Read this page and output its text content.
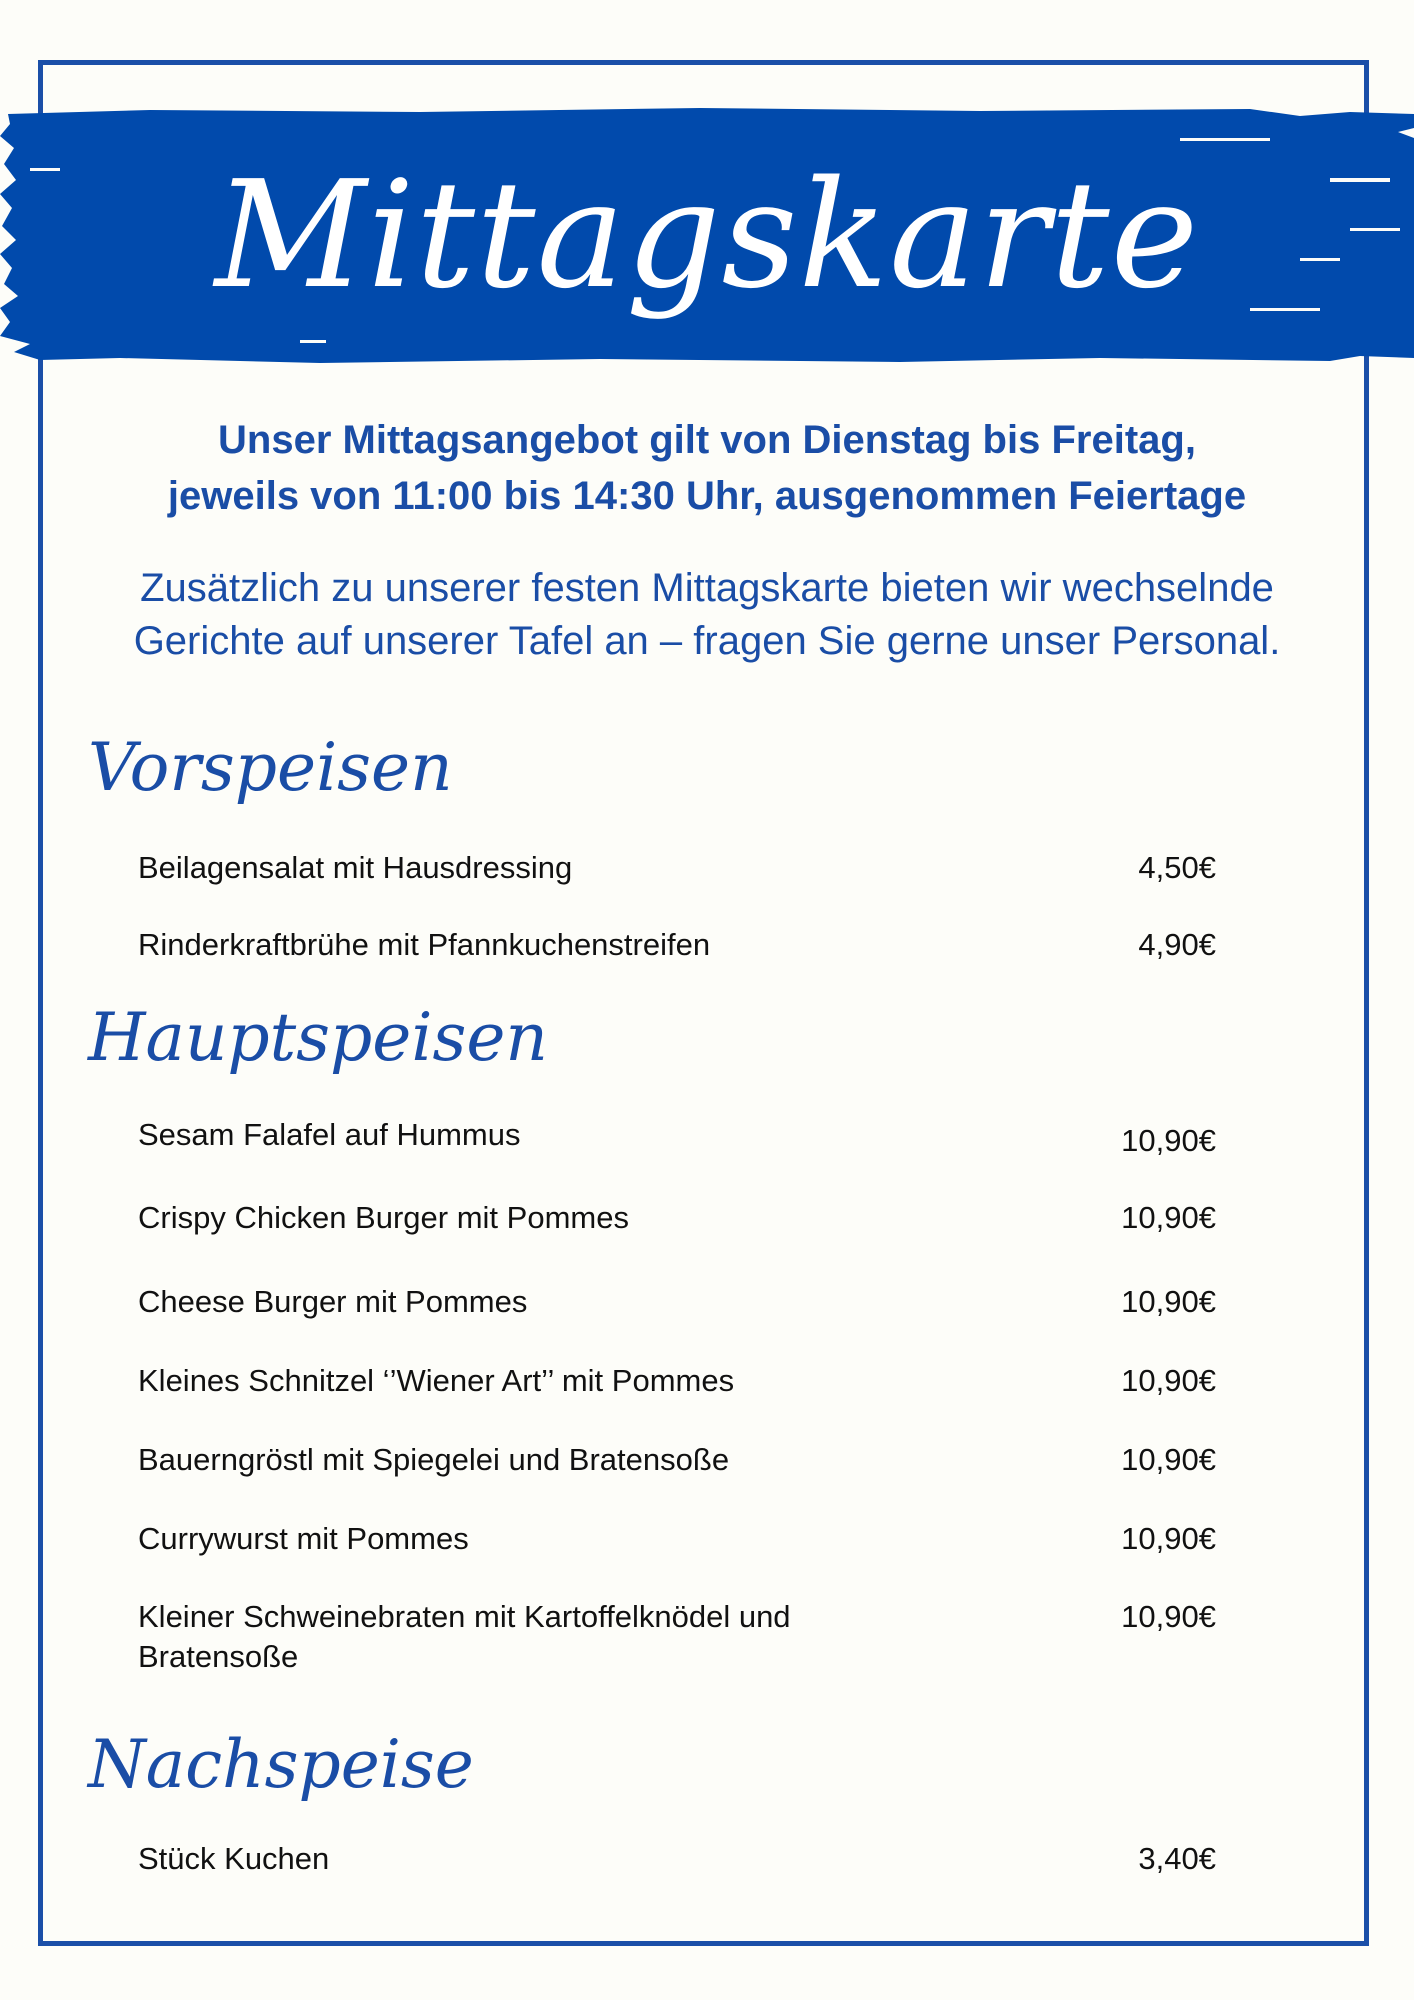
Mittagskarte
Unser Mittagsangebot gilt von Dienstag bis Freitag,
jeweils von 11:00 bis 14:30 Uhr, ausgenommen Feiertage
Zusätzlich zu unserer festen Mittagskarte bieten wir wechselnde
Gerichte auf unserer Tafel an – fragen Sie gerne unser Personal.
Vorspeisen
Beilagensalat mit Hausdressing	4,50€
Rinderkraftbrühe mit Pfannkuchenstreifen	4,90€
Hauptspeisen
Sesam Falafel auf Hummus	10,90€
Crispy Chicken Burger mit Pommes	10,90€
Cheese Burger mit Pommes	10,90€
Kleines Schnitzel ‘’Wiener Art’’ mit Pommes	10,90€
Bauerngröstl mit Spiegelei und Bratensoße	10,90€
Currywurst mit Pommes	10,90€
Kleiner Schweinebraten mit Kartoffelknödel und Bratensoße
10,90€
Nachspeise
Stück Kuchen	3,40€
